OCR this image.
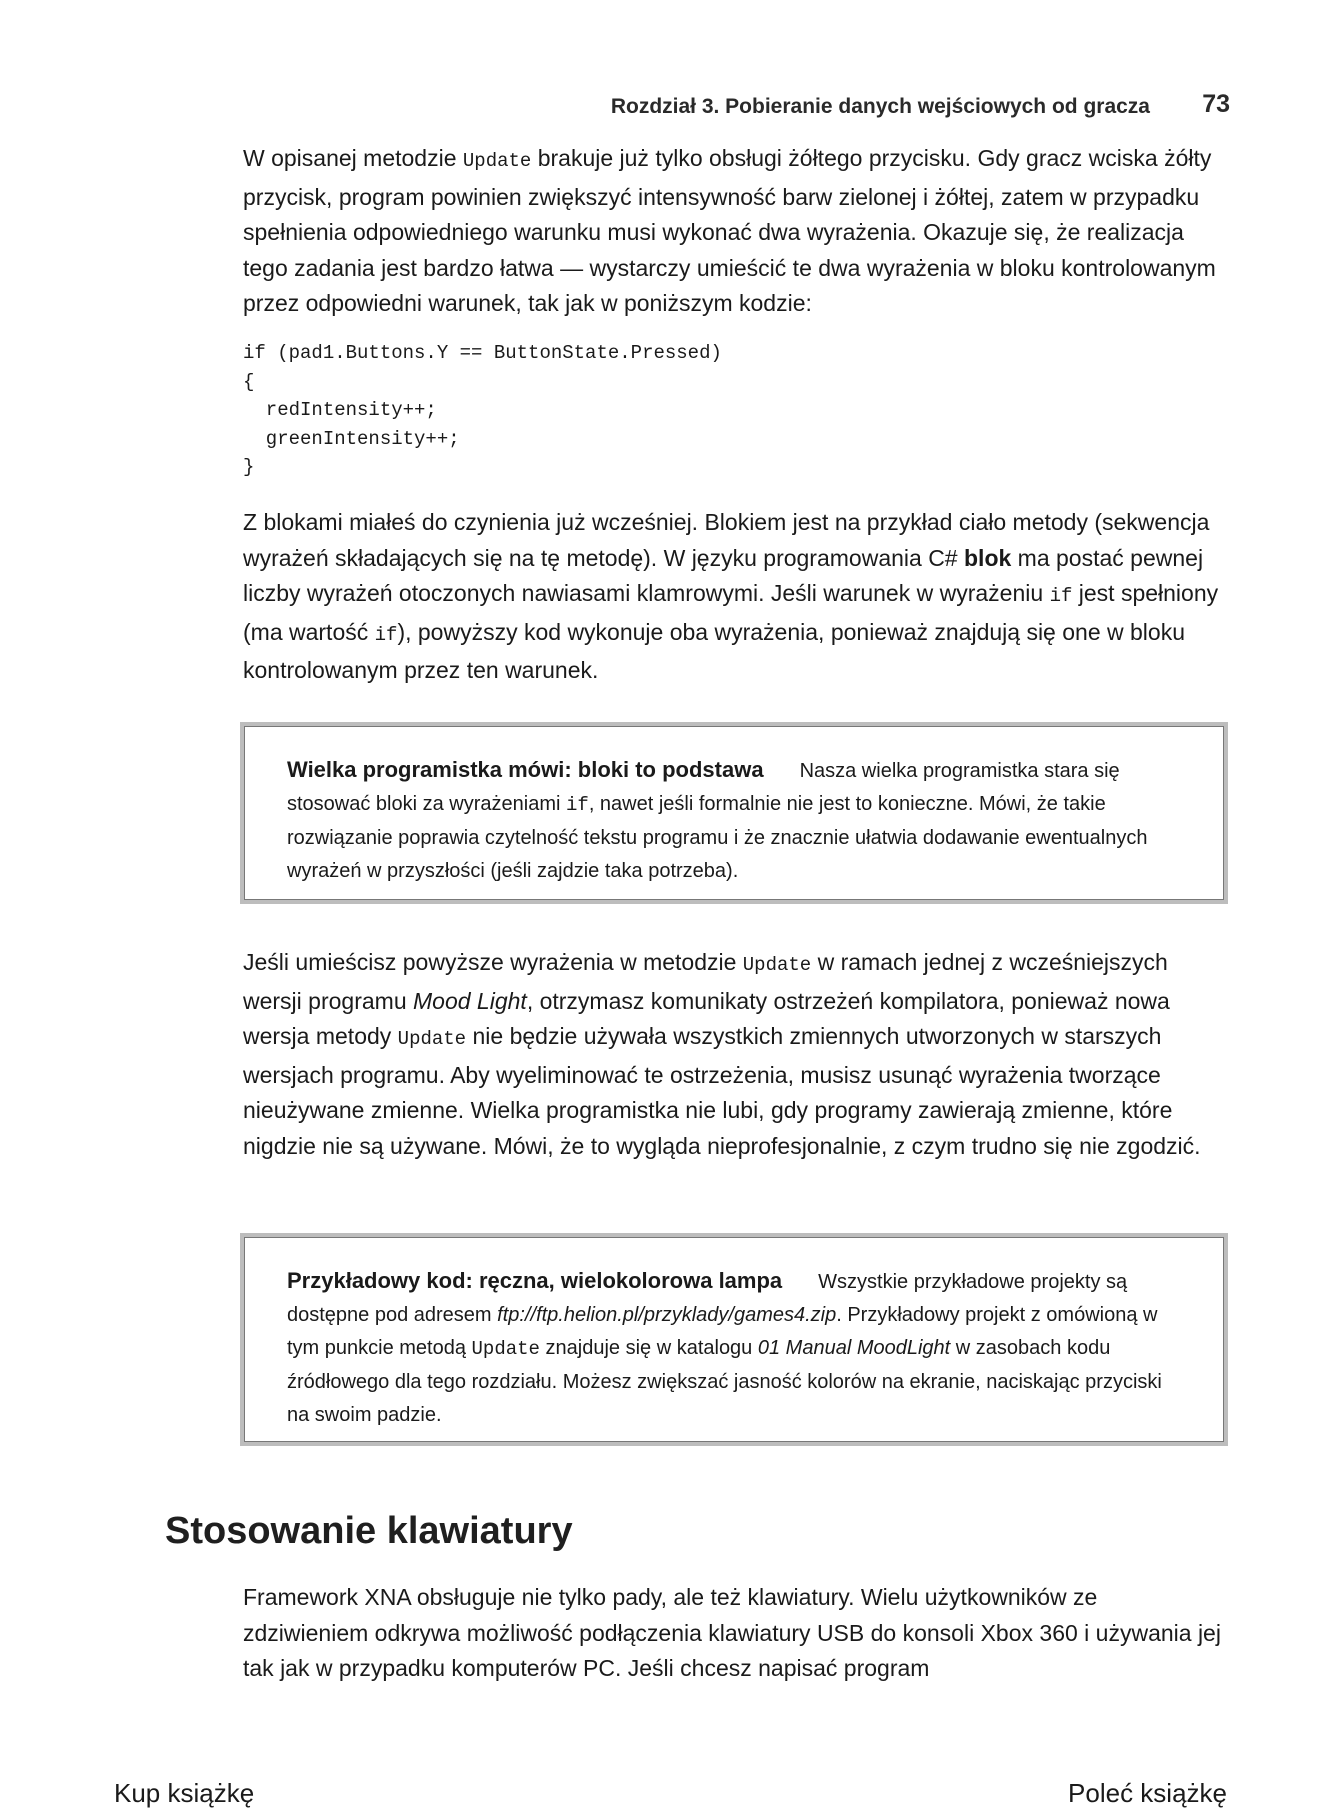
Rozdział 3. Pobieranie danych wejściowych od gracza 73

W opisanej metodzie Update brakuje już tylko obsługi żółtego przycisku. Gdy gracz wciska żółty przycisk, program powinien zwiększyć intensywność barw zielonej i żółtej, zatem w przypadku spełnienia odpowiedniego warunku musi wykonać dwa wyrażenia. Okazuje się, że realizacja tego zadania jest bardzo łatwa — wystarczy umieścić te dwa wyrażenia w bloku kontrolowanym przez odpowiedni warunek, tak jak w poniższym kodzie:

if (pad1.Buttons.Y == ButtonState.Pressed)
{
redIntensity++;
greenIntensity++;
}

Z blokami miałeś do czynienia już wcześniej. Blokiem jest na przykład ciało metody (sekwencja wyrażeń składających się na tę metodę). W języku programowania C# blok ma postać pewnej liczby wyrażeń otoczonych nawiasami klamrowymi. Jeśli warunek w wyrażeniu if jest spełniony (ma wartość if), powyższy kod wykonuje oba wyrażenia, ponieważ znajdują się one w bloku kontrolowanym przez ten warunek.

Wielka programistka mówi: bloki to podstawa Nasza wielka programistka stara się stosować bloki za wyrażeniami if, nawet jeśli formalnie nie jest to konieczne. Mówi, że takie rozwiązanie poprawia czytelność tekstu programu i że znacznie ułatwia dodawanie ewentualnych wyrażeń w przyszłości (jeśli zajdzie taka potrzeba).

Jeśli umieścisz powyższe wyrażenia w metodzie Update w ramach jednej z wcześniejszych wersji programu Mood Light, otrzymasz komunikaty ostrzeżeń kompilatora, ponieważ nowa wersja metody Update nie będzie używała wszystkich zmiennych utworzonych w starszych wersjach programu. Aby wyeliminować te ostrzeżenia, musisz usunąć wyrażenia tworzące nieużywane zmienne. Wielka programistka nie lubi, gdy programy zawierają zmienne, które nigdzie nie są używane. Mówi, że to wygląda nieprofesjonalnie, z czym trudno się nie zgodzić.

Przykładowy kod: ręczna, wielokolorowa lampa Wszystkie przykładowe projekty są dostępne pod adresem ftp://ftp.helion.pl/przyklady/games4.zip. Przykładowy projekt z omówioną w tym punkcie metodą Update znajduje się w katalogu 01 Manual MoodLight w zasobach kodu źródłowego dla tego rozdziału. Możesz zwiększać jasność kolorów na ekranie, naciskając przyciski na swoim padzie.
Stosowanie klawiatury

Framework XNA obsługuje nie tylko pady, ale też klawiatury. Wielu użytkowników ze zdziwieniem odkrywa możliwość podłączenia klawiatury USB do konsoli Xbox 360 i używania jej tak jak w przypadku komputerów PC. Jeśli chcesz napisać program

Kup książkę	Poleć książkę
